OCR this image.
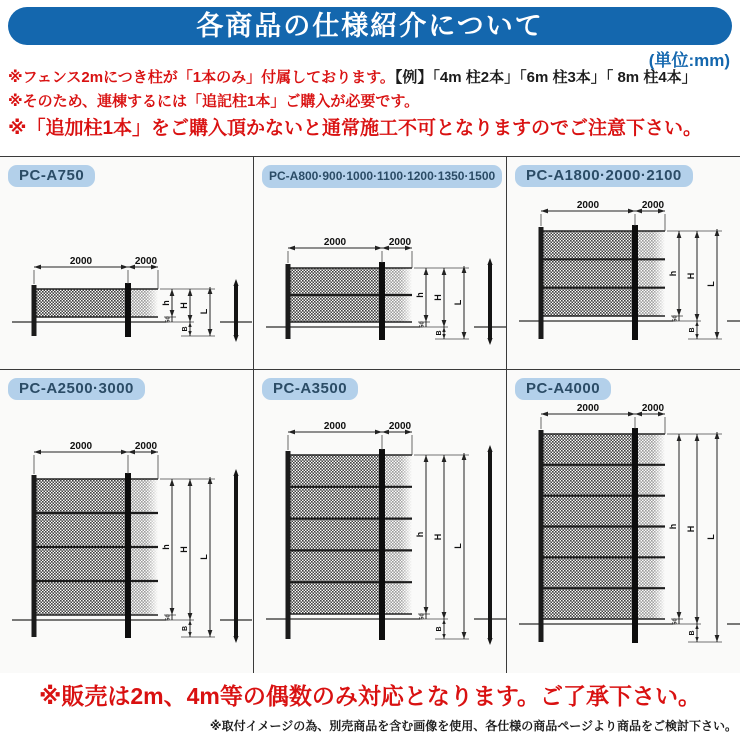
各商品の仕様紹介について
(単位:mm)
※フェンス2mにつき柱が「1本のみ」付属しております。【例】「4m 柱2本」「6m 柱3本」「 8m 柱4本」
※そのため、連棟するには「追記柱1本」ご購入が必要です。
※「追加柱1本」をご購入頂かないと通常施工不可となりますのでご注意下さい。
PC-A750
2000	2000
h H
L
50
B
PC-A800·900·1000·1100·1200·1350·1500
2000	2000
h H
L
50
B
PC-A1800·2000·2100
2000	2000
h H
L
50
B
PC-A2500·3000
2000	2000
h H
L
50
B
PC-A3500
2000	2000
h H
L
50
B
PC-A4000
2000	2000
h H
L
50
B
※販売は2m、4m等の偶数のみ対応となります。ご了承下さい。
※取付イメージの為、別売商品を含む画像を使用、各仕様の商品ページより商品をご検討下さい。
